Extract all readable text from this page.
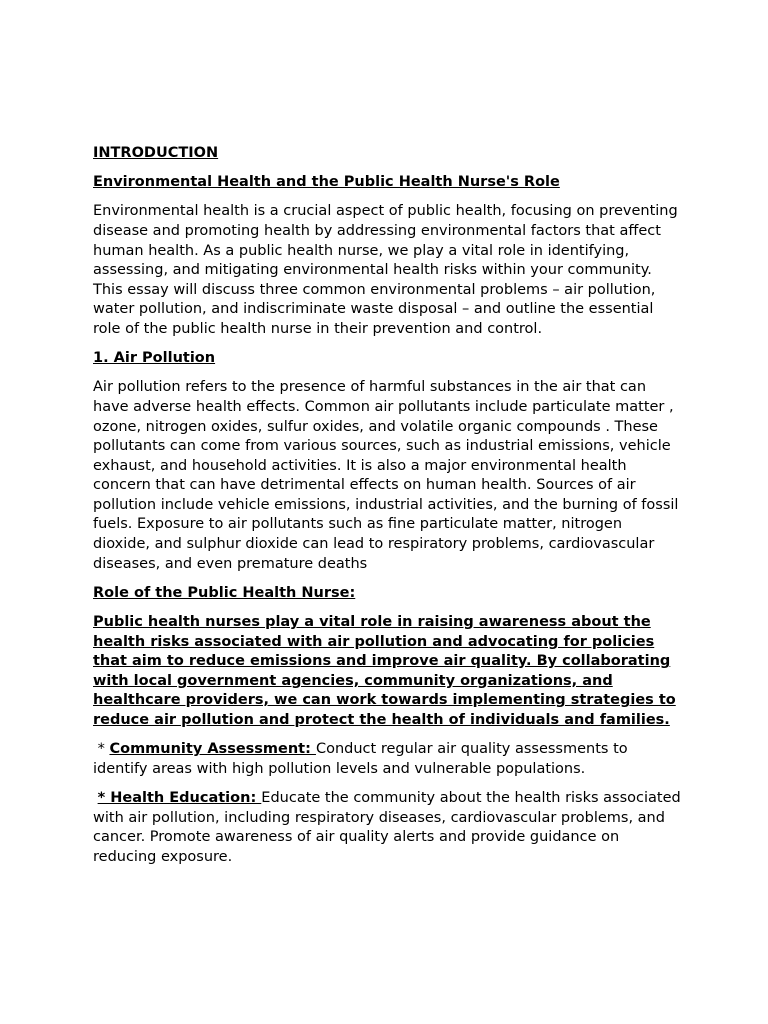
INTRODUCTION

Environmental Health and the Public Health Nurse's Role

Environmental health is a crucial aspect of public health, focusing on preventing disease and promoting health by addressing environmental factors that affect human health. As a public health nurse, we play a vital role in identifying, assessing, and mitigating environmental health risks within your community. This essay will discuss three common environmental problems – air pollution, water pollution, and indiscriminate waste disposal – and outline the essential role of the public health nurse in their prevention and control.

1. Air Pollution

Air pollution refers to the presence of harmful substances in the air that can have adverse health effects. Common air pollutants include particulate matter , ozone, nitrogen oxides, sulfur oxides, and volatile organic compounds . These pollutants can come from various sources, such as industrial emissions, vehicle exhaust, and household activities. It is also a major environmental health concern that can have detrimental effects on human health. Sources of air pollution include vehicle emissions, industrial activities, and the burning of fossil fuels. Exposure to air pollutants such as fine particulate matter, nitrogen dioxide, and sulphur dioxide can lead to respiratory problems, cardiovascular diseases, and even premature deaths

Role of the Public Health Nurse:

Public health nurses play a vital role in raising awareness about the health risks associated with air pollution and advocating for policies that aim to reduce emissions and improve air quality. By collaborating with local government agencies, community organizations, and healthcare providers, we can work towards implementing strategies to reduce air pollution and protect the health of individuals and families.

* Community Assessment: Conduct regular air quality assessments to identify areas with high pollution levels and vulnerable populations.

* Health Education: Educate the community about the health risks associated with air pollution, including respiratory diseases, cardiovascular problems, and cancer. Promote awareness of air quality alerts and provide guidance on reducing exposure.
